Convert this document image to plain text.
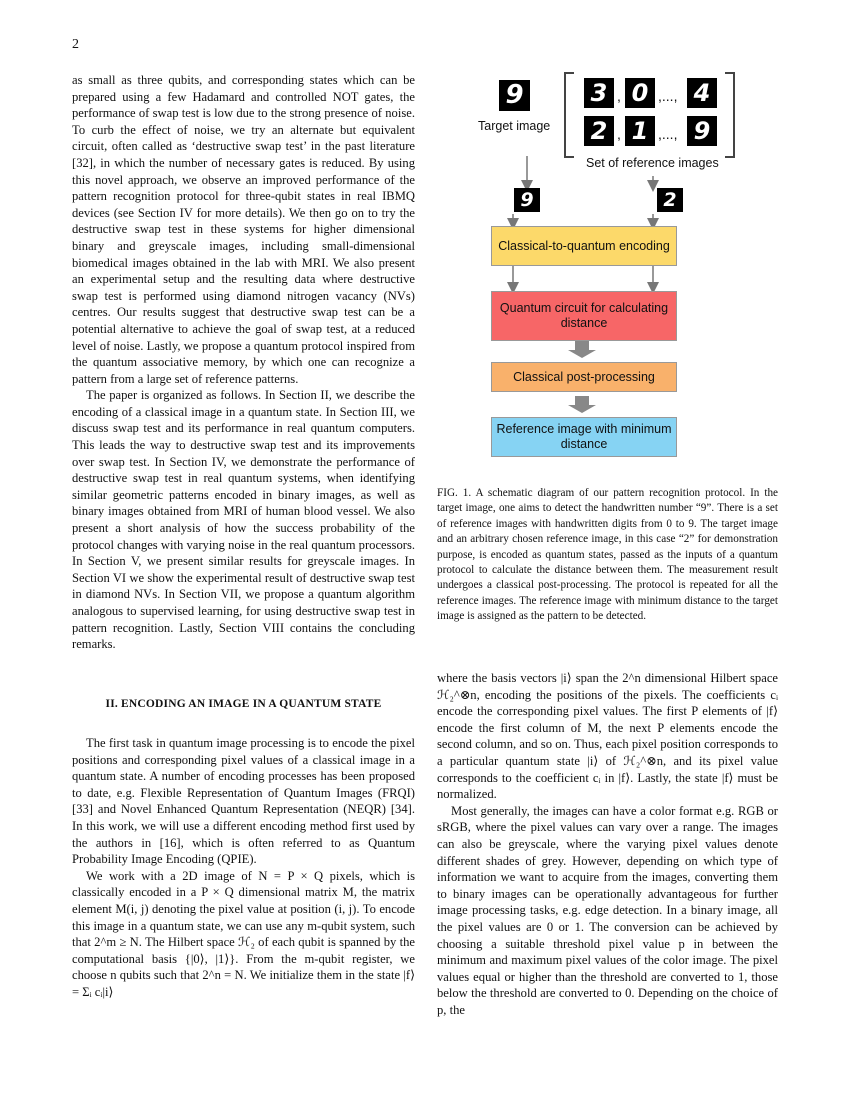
2

as small as three qubits, and corresponding states which can be prepared using a few Hadamard and controlled NOT gates, the performance of swap test is low due to the strong presence of noise. To curb the effect of noise, we try an alternate but equivalent circuit, often called as ‘destructive swap test’ in the past literature [32], in which the number of necessary gates is reduced. By using this novel approach, we observe an improved performance of the pattern recognition protocol for three-qubit states in real IBMQ devices (see Section IV for more details). We then go on to try the destructive swap test in these systems for higher dimensional binary and greyscale images, including small-dimensional biomedical images obtained in the lab with MRI. We also present an experimental setup and the resulting data where destructive swap test is performed using diamond nitrogen vacancy (NVs) centres. Our results suggest that destructive swap test can be a potential alternative to achieve the goal of swap test, at a reduced level of noise. Lastly, we propose a quantum protocol inspired from the quantum associative memory, by which one can recognize a pattern from a large set of reference patterns.

The paper is organized as follows. In Section II, we describe the encoding of a classical image in a quantum state. In Section III, we discuss swap test and its performance in real quantum computers. This leads the way to destructive swap test and its improvements over swap test. In Section IV, we demonstrate the performance of destructive swap test in real quantum systems, when identifying similar geometric patterns encoded in binary images, as well as binary images obtained from MRI of human blood vessel. We also present a short analysis of how the success probability of the protocol changes with varying noise in the real quantum processors. In Section V, we present similar results for greyscale images. In Section VI we show the experimental result of destructive swap test in diamond NVs. In Section VII, we propose a quantum algorithm analogous to supervised learning, for using destructive swap test in pattern recognition. Lastly, Section VIII contains the concluding remarks.

II. ENCODING AN IMAGE IN A QUANTUM STATE

The first task in quantum image processing is to encode the pixel positions and corresponding pixel values of a classical image in a quantum state. A number of encoding processes has been proposed to date, e.g. Flexible Representation of Quantum Images (FRQI) [33] and Novel Enhanced Quantum Representation (NEQR) [34]. In this work, we will use a different encoding method first used by the authors in [16], which is often referred to as Quantum Probability Image Encoding (QPIE).

We work with a 2D image of N = P × Q pixels, which is classically encoded in a P × Q dimensional matrix M, the matrix element M(i, j) denoting the pixel value at position (i, j). To encode this image in a quantum state, we can use any m-qubit system, such that 2^m ≥ N. The Hilbert space ℋ₂ of each qubit is spanned by the computational basis {|0⟩, |1⟩}. From the m-qubit register, we choose n qubits such that 2^n = N. We initialize them in the state |f⟩ = Σᵢ cᵢ|i⟩

where the basis vectors |i⟩ span the 2^n dimensional Hilbert space ℋ₂^⊗n, encoding the positions of the pixels. The coefficients cᵢ encode the corresponding pixel values. The first P elements of |f⟩ encode the first column of M, the next P elements encode the second column, and so on. Thus, each pixel position corresponds to a particular quantum state |i⟩ of ℋ₂^⊗n, and its pixel value corresponds to the coefficient cᵢ in |f⟩. Lastly, the state |f⟩ must be normalized.

Most generally, the images can have a color format e.g. RGB or sRGB, where the pixel values can vary over a range. The images can also be greyscale, where the varying pixel values denote different shades of grey. However, depending on which type of information we want to acquire from the images, converting them to binary images can be operationally advantageous for further image processing tasks, e.g. edge detection. In a binary image, all the pixel values are 0 or 1. The conversion can be achieved by choosing a suitable threshold pixel value p in between the minimum and maximum pixel values of the color image. The pixel values equal or higher than the threshold are converted to 1, those below the threshold are converted to 0. Depending on the choice of p, the

9
Target image
3 , 0 ,..., 4
2 , 1 ,..., 9
Set of reference images
9	2
Classical-to-quantum encoding
Quantum circuit for calculating distance
Classical post-processing
Reference image with minimum distance
FIG. 1. A schematic diagram of our pattern recognition protocol. In the target image, one aims to detect the handwritten number “9”. There is a set of reference images with handwritten digits from 0 to 9. The target image and an arbitrary chosen reference image, in this case “2” for demonstration purpose, is encoded as quantum states, passed as the inputs of a quantum protocol to calculate the distance between them. The measurement result undergoes a classical post-processing. The protocol is repeated for all the reference images. The reference image with minimum distance to the target image is assigned as the pattern to be detected.
